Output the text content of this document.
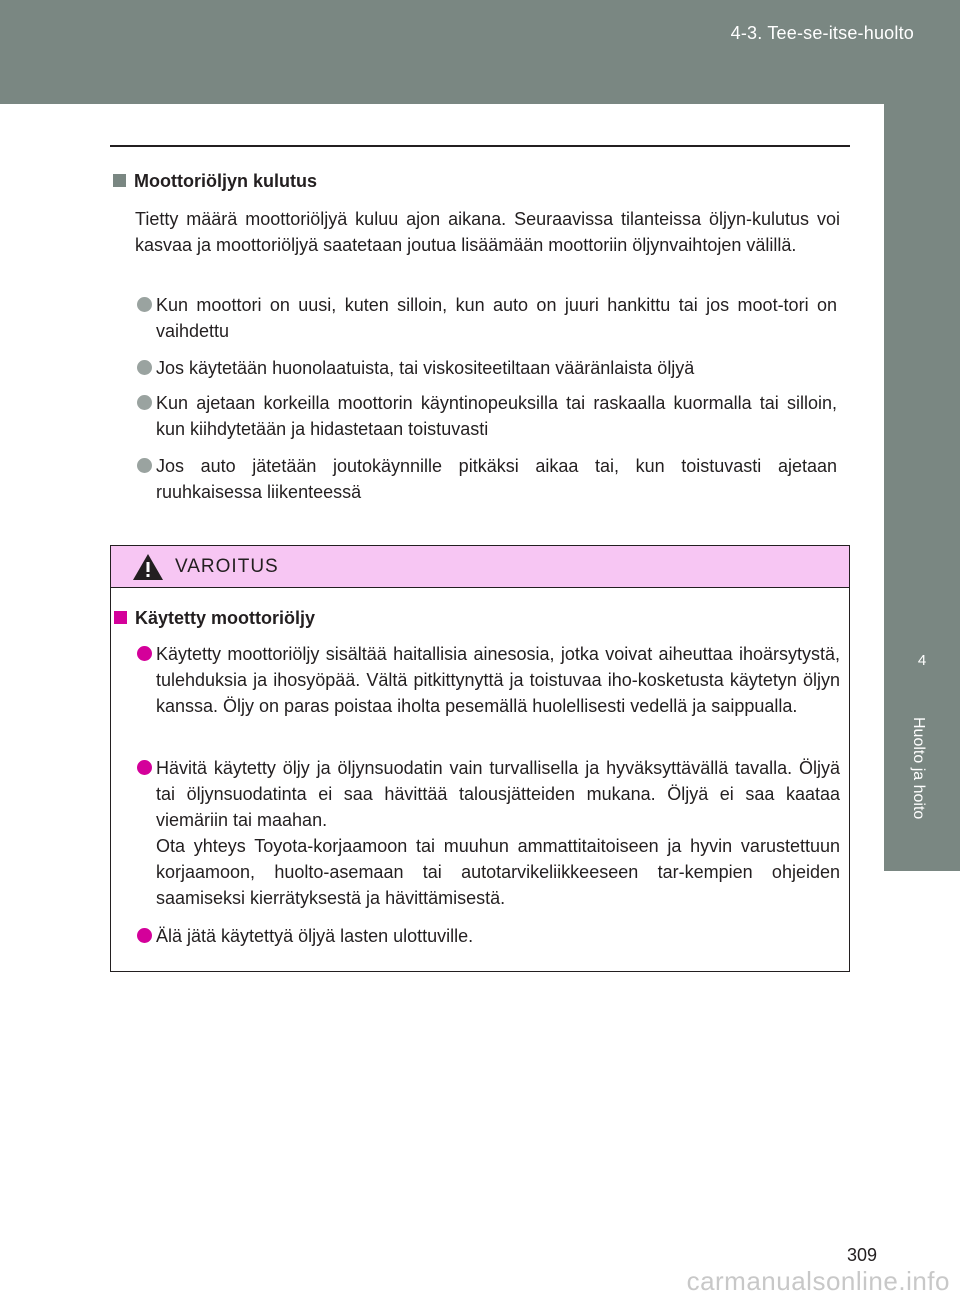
4-3. Tee-se-itse-huolto
4
Huolto ja hoito
Moottoriöljyn kulutus
Tietty määrä moottoriöljyä kuluu ajon aikana. Seuraavissa tilanteissa öljyn-kulutus voi kasvaa ja moottoriöljyä saatetaan joutua lisäämään moottoriin öljynvaihtojen välillä.
Kun moottori on uusi, kuten silloin, kun auto on juuri hankittu tai jos moot-tori on vaihdettu
Jos käytetään huonolaatuista, tai viskositeetiltaan vääränlaista öljyä
Kun ajetaan korkeilla moottorin käyntinopeuksilla tai raskaalla kuormalla tai silloin, kun kiihdytetään ja hidastetaan toistuvasti
Jos auto jätetään joutokäynnille pitkäksi aikaa tai, kun toistuvasti ajetaan ruuhkaisessa liikenteessä
VAROITUS
Käytetty moottoriöljy
Käytetty moottoriöljy sisältää haitallisia ainesosia, jotka voivat aiheuttaa ihoärsytystä, tulehduksia ja ihosyöpää. Vältä pitkittynyttä ja toistuvaa iho-kosketusta käytetyn öljyn kanssa. Öljy on paras poistaa iholta pesemällä huolellisesti vedellä ja saippualla.
Hävitä käytetty öljy ja öljynsuodatin vain turvallisella ja hyväksyttävällä tavalla. Öljyä tai öljynsuodatinta ei saa hävittää talousjätteiden mukana. Öljyä ei saa kaataa viemäriin tai maahan.
Ota yhteys Toyota-korjaamoon tai muuhun ammattitaitoiseen ja hyvin varustettuun korjaamoon, huolto-asemaan tai autotarvikeliikkeeseen tar-kempien ohjeiden saamiseksi kierrätyksestä ja hävittämisestä.
Älä jätä käytettyä öljyä lasten ulottuville.
309
carmanualsonline.info
